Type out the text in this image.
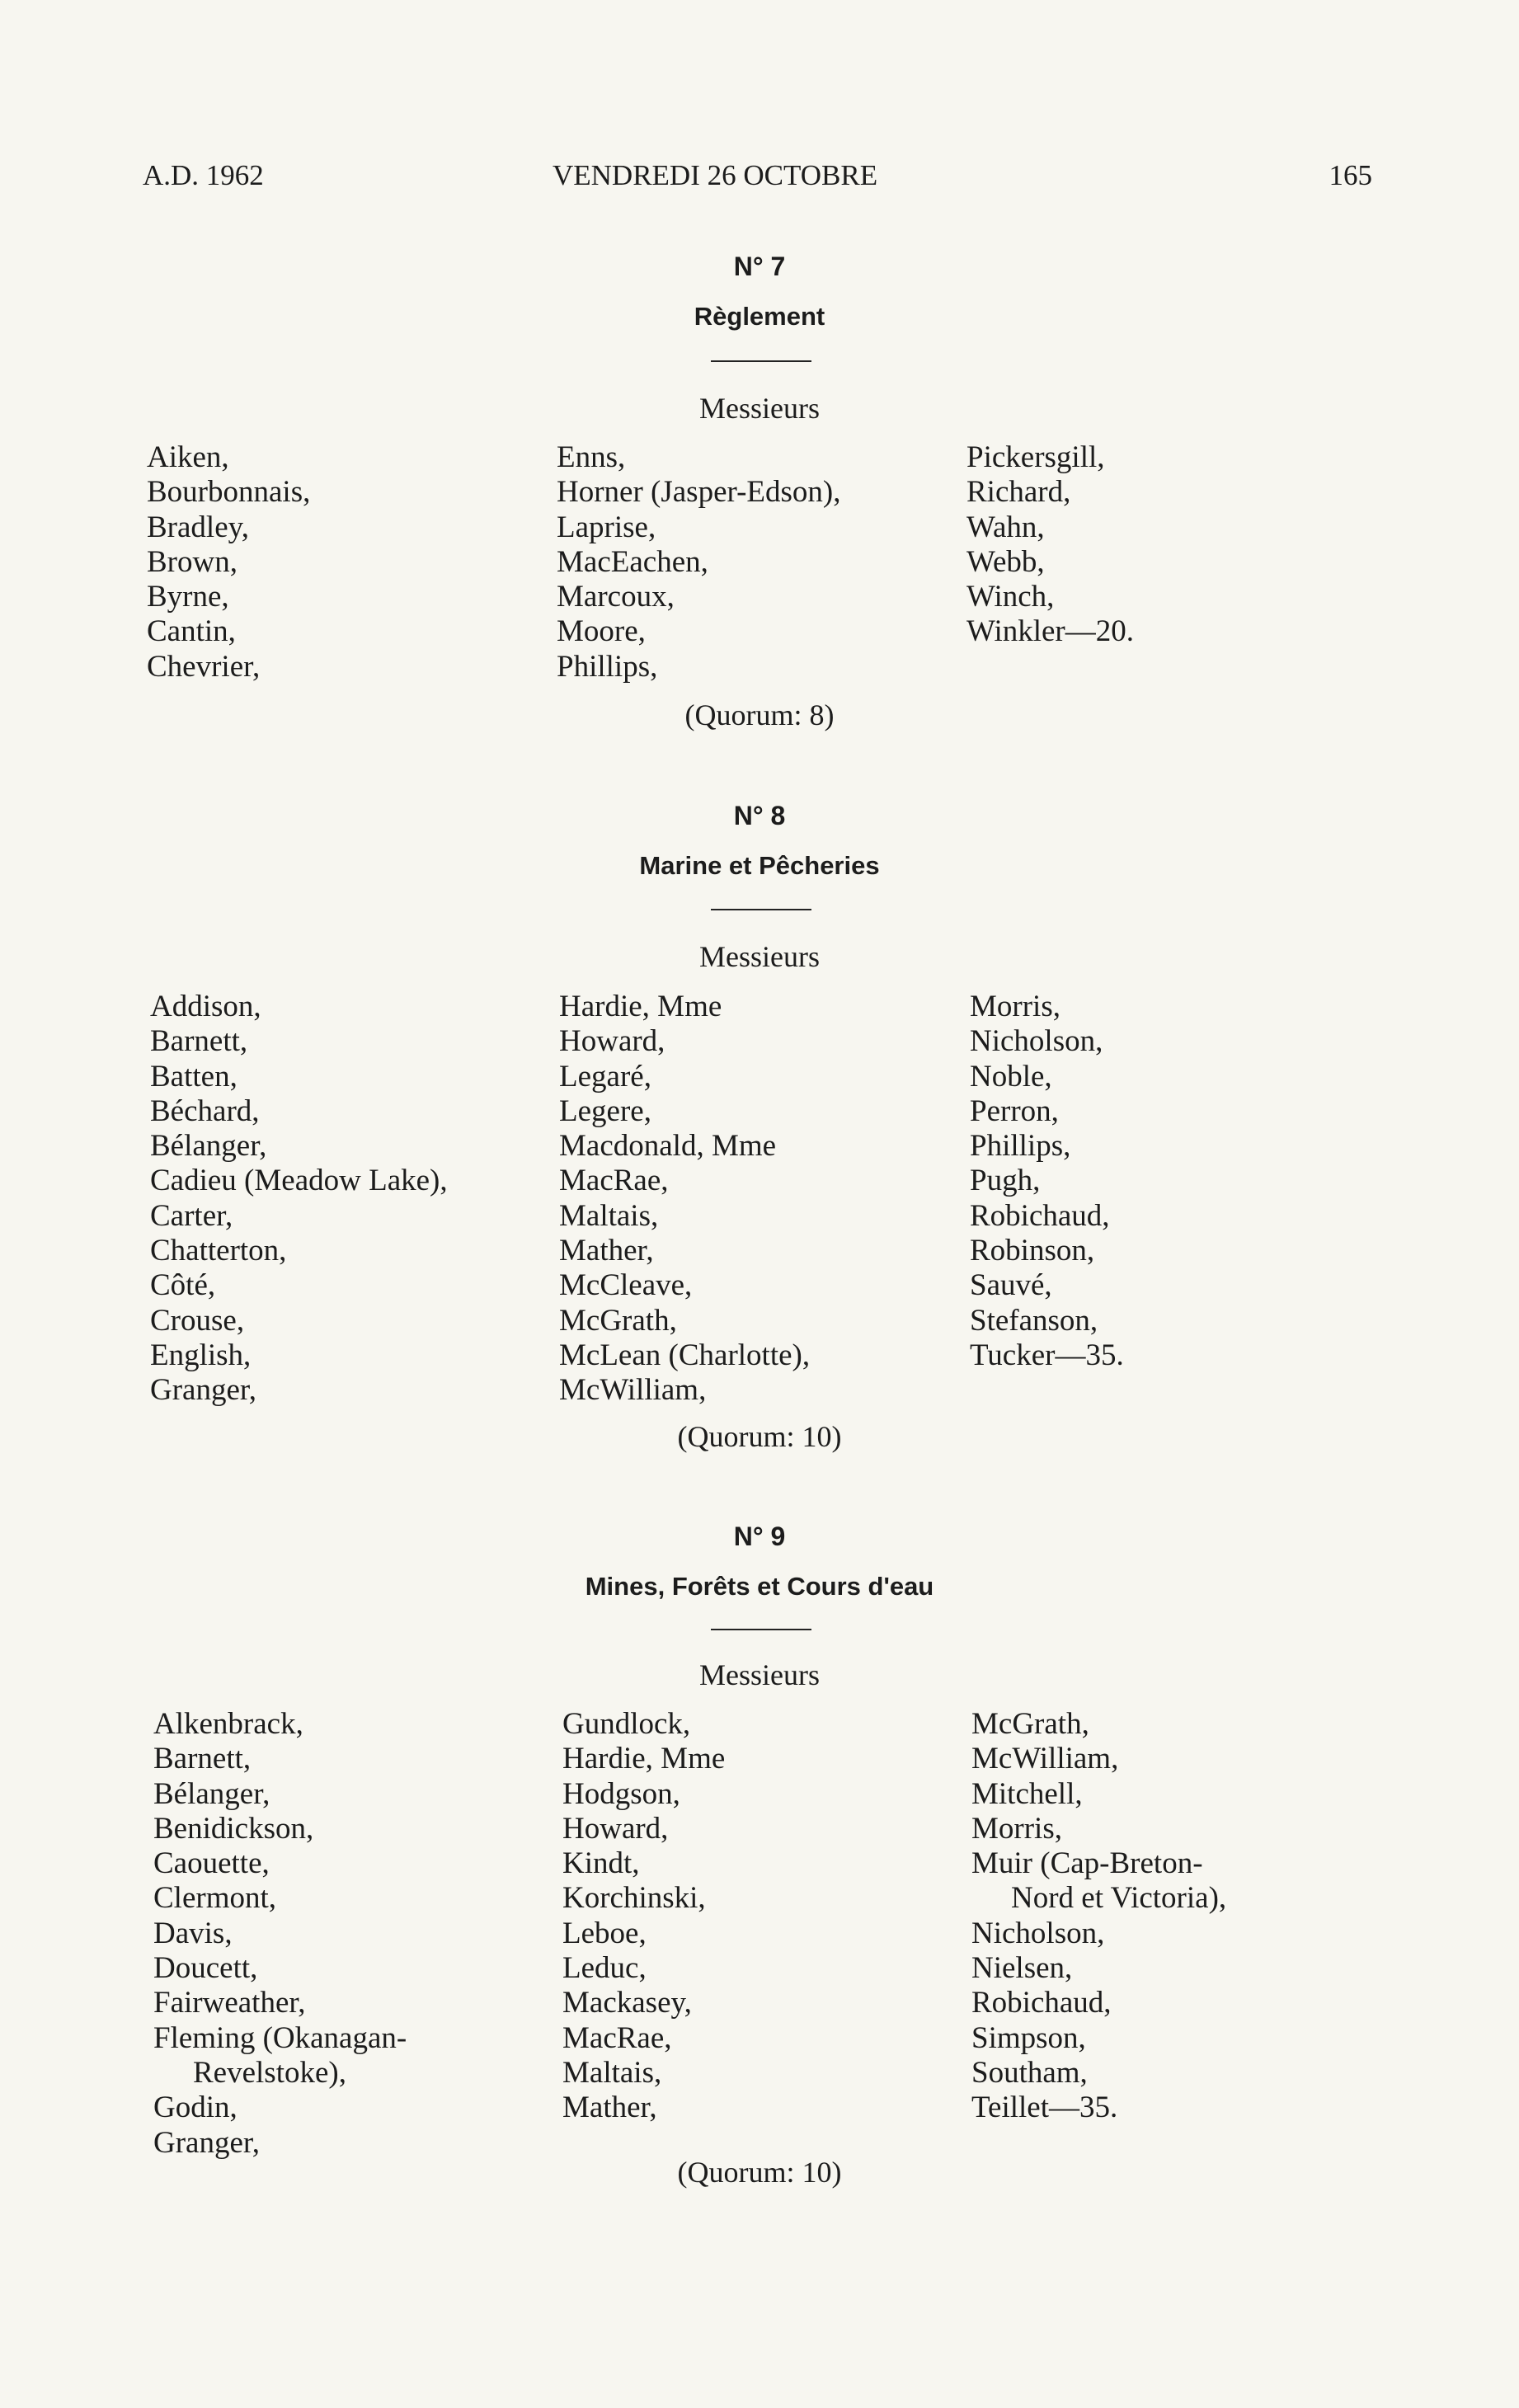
A.D. 1962	VENDREDI 26 OCTOBRE	165
N° 7
Règlement
Messieurs
Aiken,
Bourbonnais,
Bradley,
Brown,
Byrne,
Cantin,
Chevrier,
Enns,
Horner (Jasper-Edson),
Laprise,
MacEachen,
Marcoux,
Moore,
Phillips,
Pickersgill,
Richard,
Wahn,
Webb,
Winch,
Winkler—20.
(Quorum: 8)
N° 8
Marine et Pêcheries
Messieurs
Addison,
Barnett,
Batten,
Béchard,
Bélanger,
Cadieu (Meadow Lake),
Carter,
Chatterton,
Côté,
Crouse,
English,
Granger,
Hardie, Mme
Howard,
Legaré,
Legere,
Macdonald, Mme
MacRae,
Maltais,
Mather,
McCleave,
McGrath,
McLean (Charlotte),
McWilliam,
Morris,
Nicholson,
Noble,
Perron,
Phillips,
Pugh,
Robichaud,
Robinson,
Sauvé,
Stefanson,
Tucker—35.
(Quorum: 10)
N° 9
Mines, Forêts et Cours d'eau
Messieurs
Alkenbrack,
Barnett,
Bélanger,
Benidickson,
Caouette,
Clermont,
Davis,
Doucett,
Fairweather,
Fleming (Okanagan-
Revelstoke),
Godin,
Granger,
Gundlock,
Hardie, Mme
Hodgson,
Howard,
Kindt,
Korchinski,
Leboe,
Leduc,
Mackasey,
MacRae,
Maltais,
Mather,
McGrath,
McWilliam,
Mitchell,
Morris,
Muir (Cap-Breton-
Nord et Victoria),
Nicholson,
Nielsen,
Robichaud,
Simpson,
Southam,
Teillet—35.
(Quorum: 10)
